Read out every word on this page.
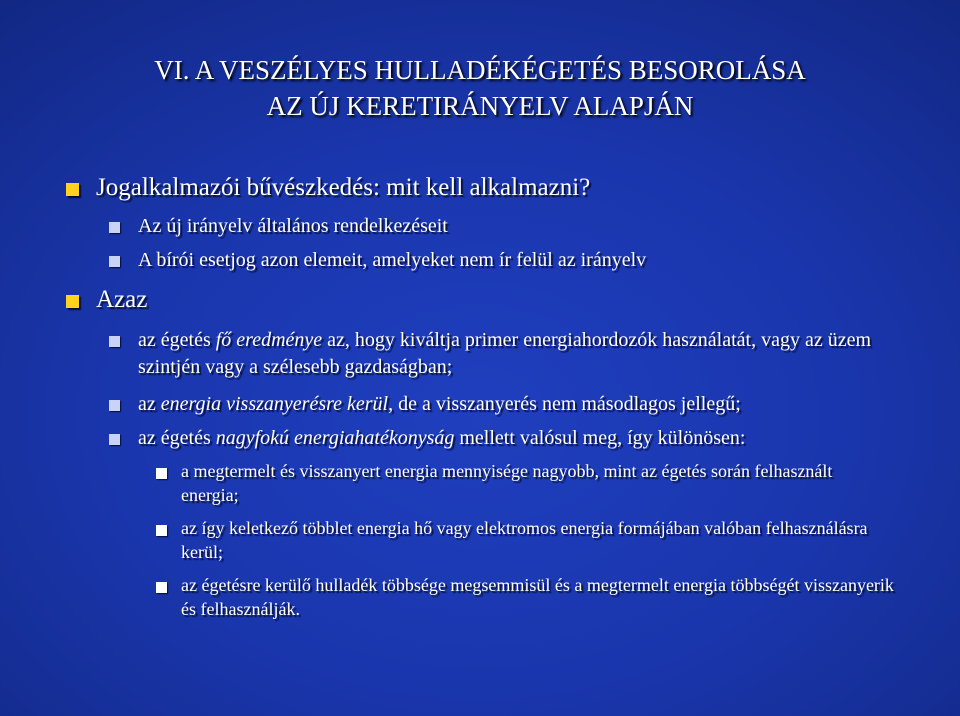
VI. A VESZÉLYES HULLADÉKÉGETÉS BESOROLÁSA
AZ ÚJ KERETIRÁNYELV ALAPJÁN
Jogalkalmazói bűvészkedés: mit kell alkalmazni?
Az új irányelv általános rendelkezéseit
A bírói esetjog azon elemeit, amelyeket nem ír felül az irányelv
Azaz
az égetés fő eredménye az, hogy kiváltja primer energiahordozók használatát, vagy az üzem szintjén vagy a szélesebb gazdaságban;
az energia visszanyerésre kerül, de a visszanyerés nem másodlagos jellegű;
az égetés nagyfokú energiahatékonyság mellett valósul meg, így különösen:
a megtermelt és visszanyert energia mennyisége nagyobb, mint az égetés során felhasznált energia;
az így keletkező többlet energia hő vagy elektromos energia formájában valóban felhasználásra kerül;
az égetésre kerülő hulladék többsége megsemmisül és a megtermelt energia többségét visszanyerik és felhasználják.
